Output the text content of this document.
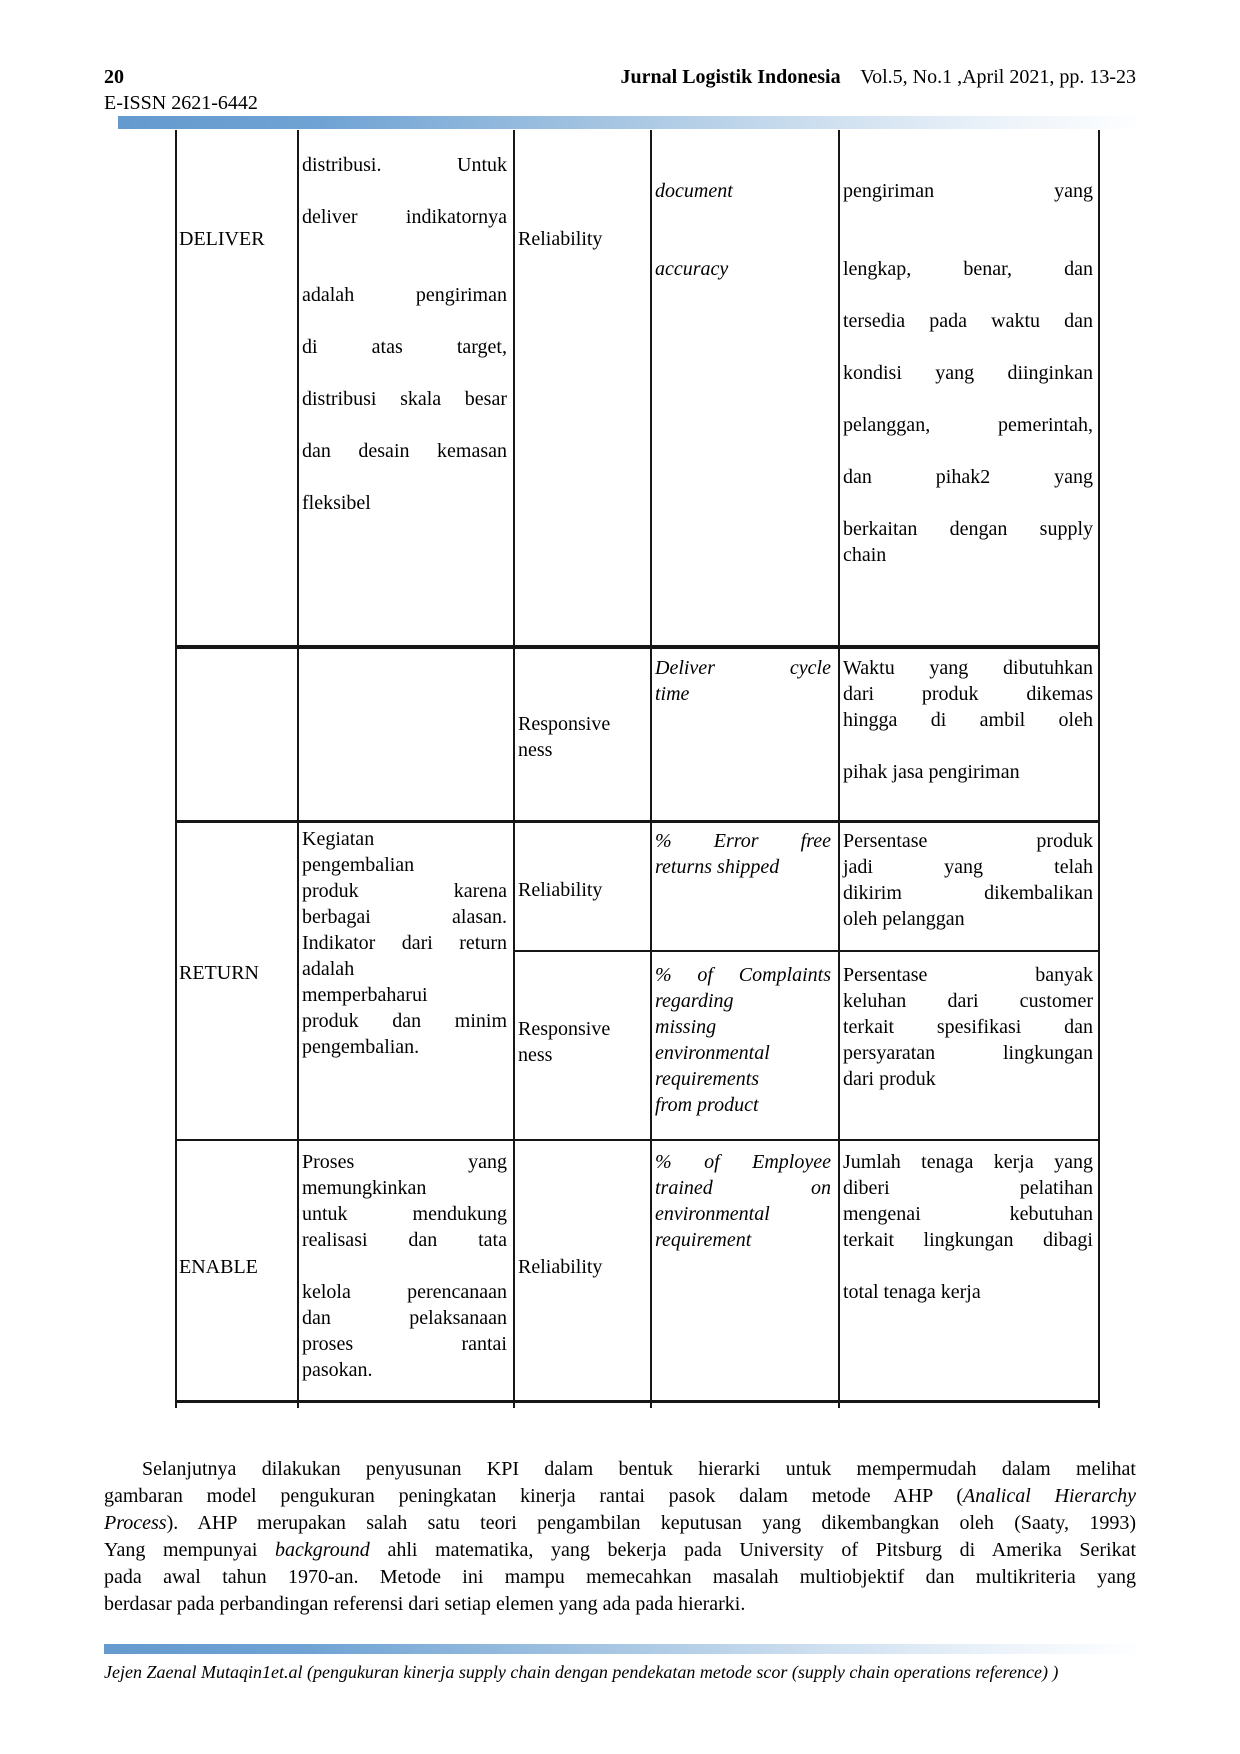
20
E-ISSN 2621-6442
Jurnal Logistik Indonesia Vol.5, No.1 ,April 2021, pp. 13-23
DELIVER
distribusi. Untuk
deliver indikatornya
adalah pengiriman
di atas target,
distribusi skala besar
dan desain kemasan
fleksibel
Reliability
document
accuracy
pengiriman yang
lengkap, benar, dan
tersedia pada waktu dan
kondisi yang diinginkan
pelanggan, pemerintah,
dan pihak2 yang
berkaitan dengan supply
chain
Responsive
ness
Deliver cycle
time
Waktu yang dibutuhkan
dari produk dikemas
hingga di ambil oleh
pihak jasa pengiriman
RETURN
Kegiatan
pengembalian
produk karena
berbagai alasan.
Indikator dari return
adalah
memperbaharui
produk dan minim
pengembalian.
Reliability
% Error free
returns shipped
Persentase produk
jadi yang telah
dikirim dikembalikan
oleh pelanggan
Responsive
ness
% of Complaints
regarding
missing
environmental
requirements
from product
Persentase banyak
keluhan dari customer
terkait spesifikasi dan
persyaratan lingkungan
dari produk
ENABLE
Proses yang
memungkinkan
untuk mendukung
realisasi dan tata
kelola perencanaan
dan pelaksanaan
proses rantai
pasokan.
Reliability
% of Employee
trained on
environmental
requirement
Jumlah tenaga kerja yang
diberi pelatihan
mengenai kebutuhan
terkait lingkungan dibagi
total tenaga kerja
Selanjutnya dilakukan penyusunan KPI dalam bentuk hierarki untuk mempermudah dalam melihat
gambaran model pengukuran peningkatan kinerja rantai pasok dalam metode AHP (Analical Hierarchy
Process). AHP merupakan salah satu teori pengambilan keputusan yang dikembangkan oleh (Saaty, 1993)
Yang mempunyai background ahli matematika, yang bekerja pada University of Pitsburg di Amerika Serikat
pada awal tahun 1970-an. Metode ini mampu memecahkan masalah multiobjektif dan multikriteria yang
berdasar pada perbandingan referensi dari setiap elemen yang ada pada hierarki.
Jejen Zaenal Mutaqin1et.al (pengukuran kinerja supply chain dengan pendekatan metode scor (supply chain operations reference) )
